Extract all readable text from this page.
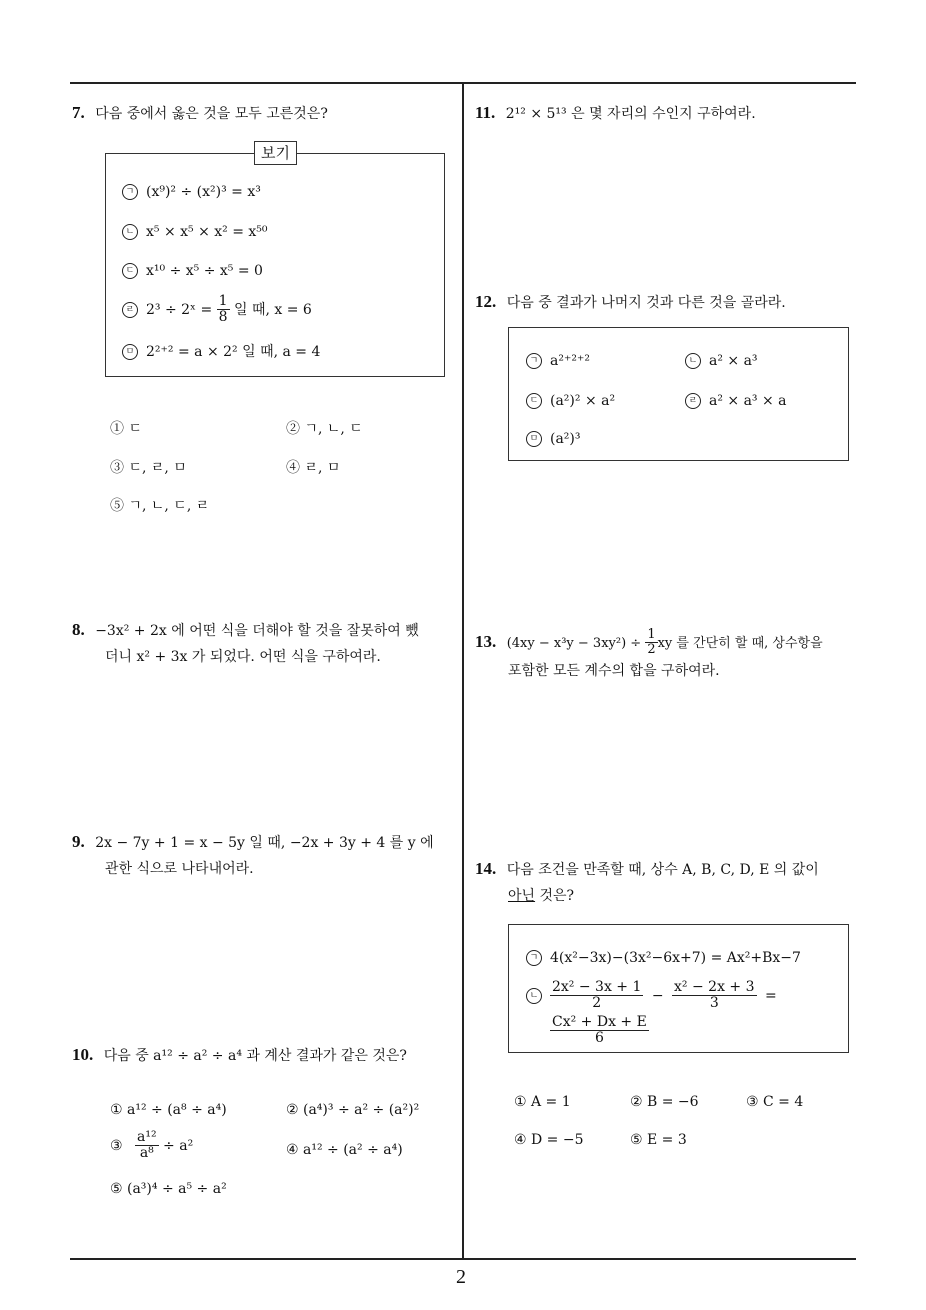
7. 다음 중에서 옳은 것을 모두 고른것은?
보기
ㄱ (x⁹)² ÷ (x²)³ = x³
ㄴ x⁵ × x⁵ × x² = x⁵⁰
ㄷ x¹⁰ ÷ x⁵ ÷ x⁵ = 0
ㄹ 2³ ÷ 2ˣ = $\frac{1}{8}$ 일 때, x = 6
ㅁ 2²⁺² = a × 2² 일 때, a = 4
① ㄷ	② ㄱ, ㄴ, ㄷ
③ ㄷ, ㄹ, ㅁ	④ ㄹ, ㅁ
⑤ ㄱ, ㄴ, ㄷ, ㄹ
8. −3x² + 2x 에 어떤 식을 더해야 할 것을 잘못하여 뺐
더니 x² + 3x 가 되었다. 어떤 식을 구하여라.
9. 2x − 7y + 1 = x − 5y 일 때, −2x + 3y + 4 를 y 에
관한 식으로 나타내어라.
10. 다음 중 a¹² ÷ a² ÷ a⁴ 과 계산 결과가 같은 것은?
① a¹² ÷ (a⁸ ÷ a⁴)	② (a⁴)³ ÷ a² ÷ (a²)²
③ $\frac{\text{a¹²}}{\text{a⁸}} \div a^2$	④ a¹² ÷ (a² ÷ a⁴)
⑤ (a³)⁴ ÷ a⁵ ÷ a²
11. 2¹² × 5¹³ 은 몇 자리의 수인지 구하여라.
12. 다음 중 결과가 나머지 것과 다른 것을 골라라.
ㄱ a²⁺²⁺²	ㄴ a² × a³
ㄷ (a²)² × a²	ㄹ a² × a³ × a
ㅁ (a²)³
13. $(4xy - x^3y - 3xy^2) \div \frac{1}{2}$ xy 를 간단히 할 때, 상수항을
포함한 모든 계수의 합을 구하여라.
14. 다음 조건을 만족할 때, 상수 A, B, C, D, E 의 값이
아닌 것은?
ㄱ 4(x²−3x)−(3x²−6x+7) = Ax²+Bx−7
ㄴ $\frac{\text{2x² − 3x + 1}}{2} - \frac{\text{x² − 2x + 3}}{3}$ =
$\frac{\text{Cx² + Dx + E}}{6}$
① A = 1	② B = −6	③ C = 4
④ D = −5	⑤ E = 3
2
